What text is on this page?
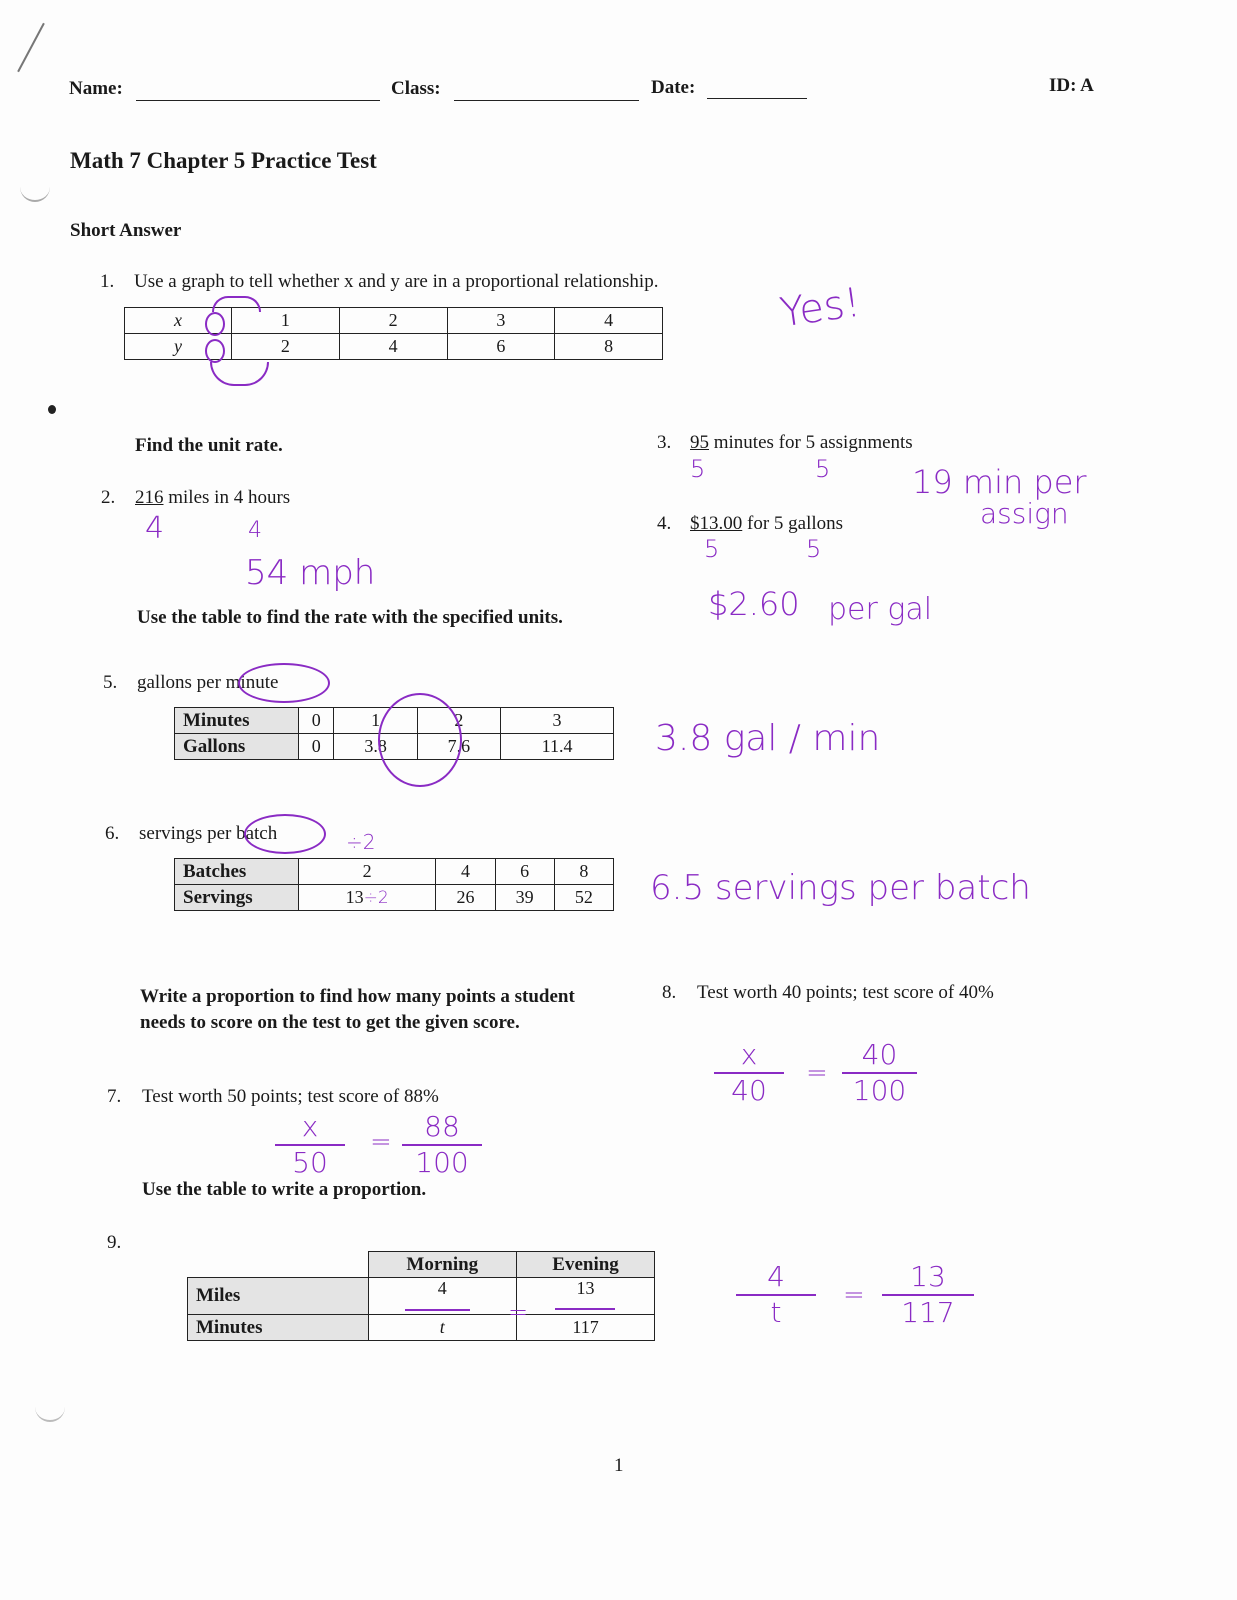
Name:	Class:	Date:	ID: A
Math 7 Chapter 5 Practice Test
Short Answer
1. Use a graph to tell whether x and y are in a proportional relationship.
x	1	2	3	4
y	2	4	6	8
Yes!
Find the unit rate.
2. 216 miles in 4 hours
4	4
54 mph
3. 95 minutes for 5 assignments
5	5	19 min per
assign
4. $13.00 for 5 gallons
5	5
$2.60 per gal
Use the table to find the rate with the specified units.
5. gallons per minute
Minutes	0	1	2	3
Gallons	0	3.8	7.6	11.4 3.8 gal / min
6. servings per batch	÷2
Batches	2	4	6	8
Servings	13÷2	26	39	52 6.5 servings per batch
Write a proportion to find how many points a student needs to score on the test to get the given score.
7. Test worth 50 points; test score of 88%
x
50
=	88
100
8. Test worth 40 points; test score of 40%
x
40
=
40
100
Use the table to write a proportion.
9.
	Morning	Evening
Miles	4	13
Minutes	t	117
=
4
t
=
13
117
1
